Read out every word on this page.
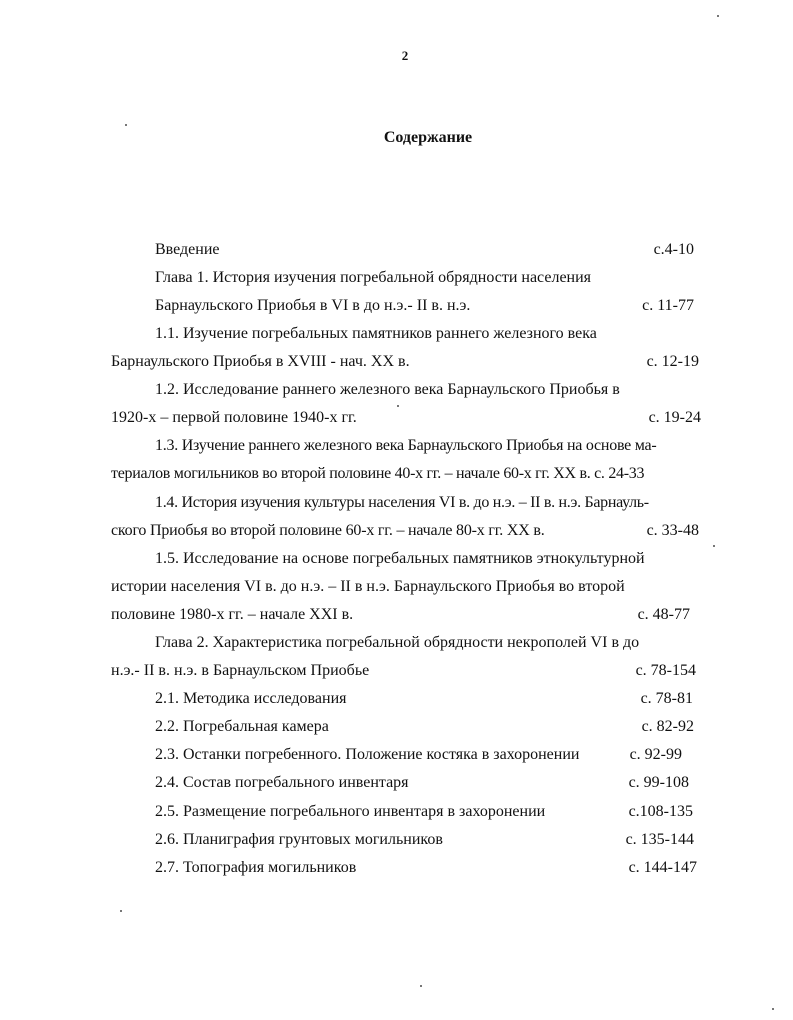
2
Содержание
Введение	с.4-10
Глава 1. История изучения погребальной обрядности населения
Барнаульского Приобья в VI в до н.э.- II в. н.э.	с. 11-77
1.1. Изучение погребальных памятников раннего железного века
Барнаульского Приобья в XVIII - нач. XX в.	с. 12-19
1.2. Исследование раннего железного века Барнаульского Приобья в
1920-х – первой половине 1940-х гг.	с. 19-24
1.3. Изучение раннего железного века Барнаульского Приобья на основе ма-
териалов могильников во второй половине 40-х гг. – начале 60-х гг. XX в. с. 24-33
1.4. История изучения культуры населения VI в. до н.э. – II в. н.э. Барнауль-
ского Приобья во второй половине 60-х гг. – начале 80-х гг. XX в.	с. 33-48
1.5. Исследование на основе погребальных памятников этнокультурной
истории населения VI в. до н.э. – II в н.э. Барнаульского Приобья во второй
половине 1980-х гг. – начале XXI в.	с. 48-77
Глава 2. Характеристика погребальной обрядности некрополей VI в до
н.э.- II в. н.э. в Барнаульском Приобье	с. 78-154
2.1. Методика исследования	с. 78-81
2.2. Погребальная камера	с. 82-92
2.3. Останки погребенного. Положение костяка в захоронении	с. 92-99
2.4. Состав погребального инвентаря	с. 99-108
2.5. Размещение погребального инвентаря в захоронении	с.108-135
2.6. Планиграфия грунтовых могильников	с. 135-144
2.7. Топография могильников	с. 144-147
